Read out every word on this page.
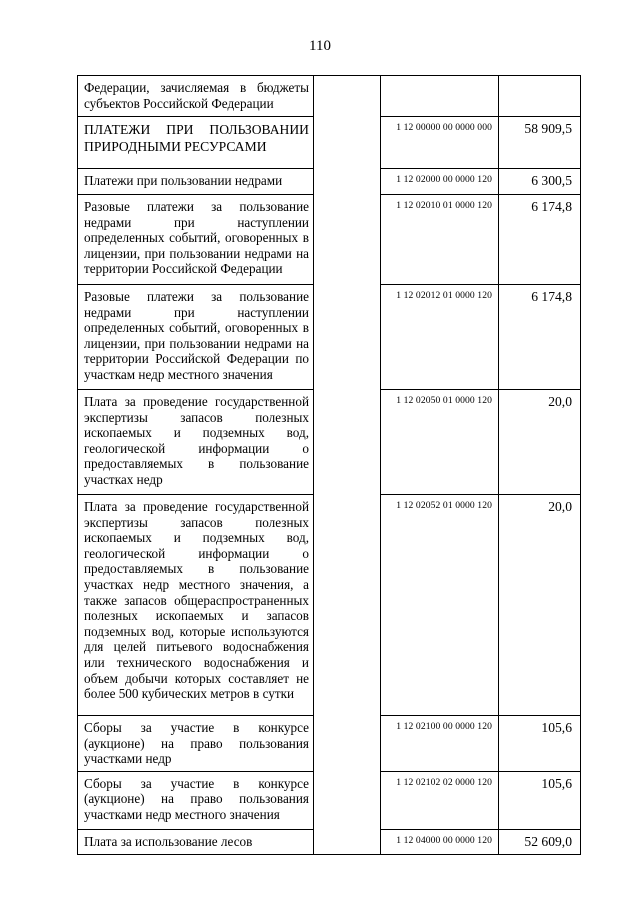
110
Федерации, зачисляемая в бюджеты субъектов Российской Федерации			
ПЛАТЕЖИ ПРИ ПОЛЬЗОВАНИИ ПРИРОДНЫМИ РЕСУРСАМИ		1 12 00000 00 0000 000	58 909,5
Платежи при пользовании недрами		1 12 02000 00 0000 120	6 300,5
Разовые платежи за пользование недрами при наступлении определенных событий, оговоренных в лицензии, при пользовании недрами на территории Российской Федерации		1 12 02010 01 0000 120	6 174,8
Разовые платежи за пользование недрами при наступлении определенных событий, оговоренных в лицензии, при пользовании недрами на территории Российской Федерации по участкам недр местного значения		1 12 02012 01 0000 120	6 174,8
Плата за проведение государственной экспертизы запасов полезных ископаемых и подземных вод, геологической информации о предоставляемых в пользование участках недр		1 12 02050 01 0000 120	20,0
Плата за проведение государственной экспертизы запасов полезных ископаемых и подземных вод, геологической информации о предоставляемых в пользование участках недр местного значения, а также запасов общераспространенных полезных ископаемых и запасов подземных вод, которые используются для целей питьевого водоснабжения или технического водоснабжения и объем добычи которых составляет не более 500 кубических метров в сутки		1 12 02052 01 0000 120	20,0
Сборы за участие в конкурсе (аукционе) на право пользования участками недр		1 12 02100 00 0000 120	105,6
Сборы за участие в конкурсе (аукционе) на право пользования участками недр местного значения		1 12 02102 02 0000 120	105,6
Плата за использование лесов		1 12 04000 00 0000 120	52 609,0
